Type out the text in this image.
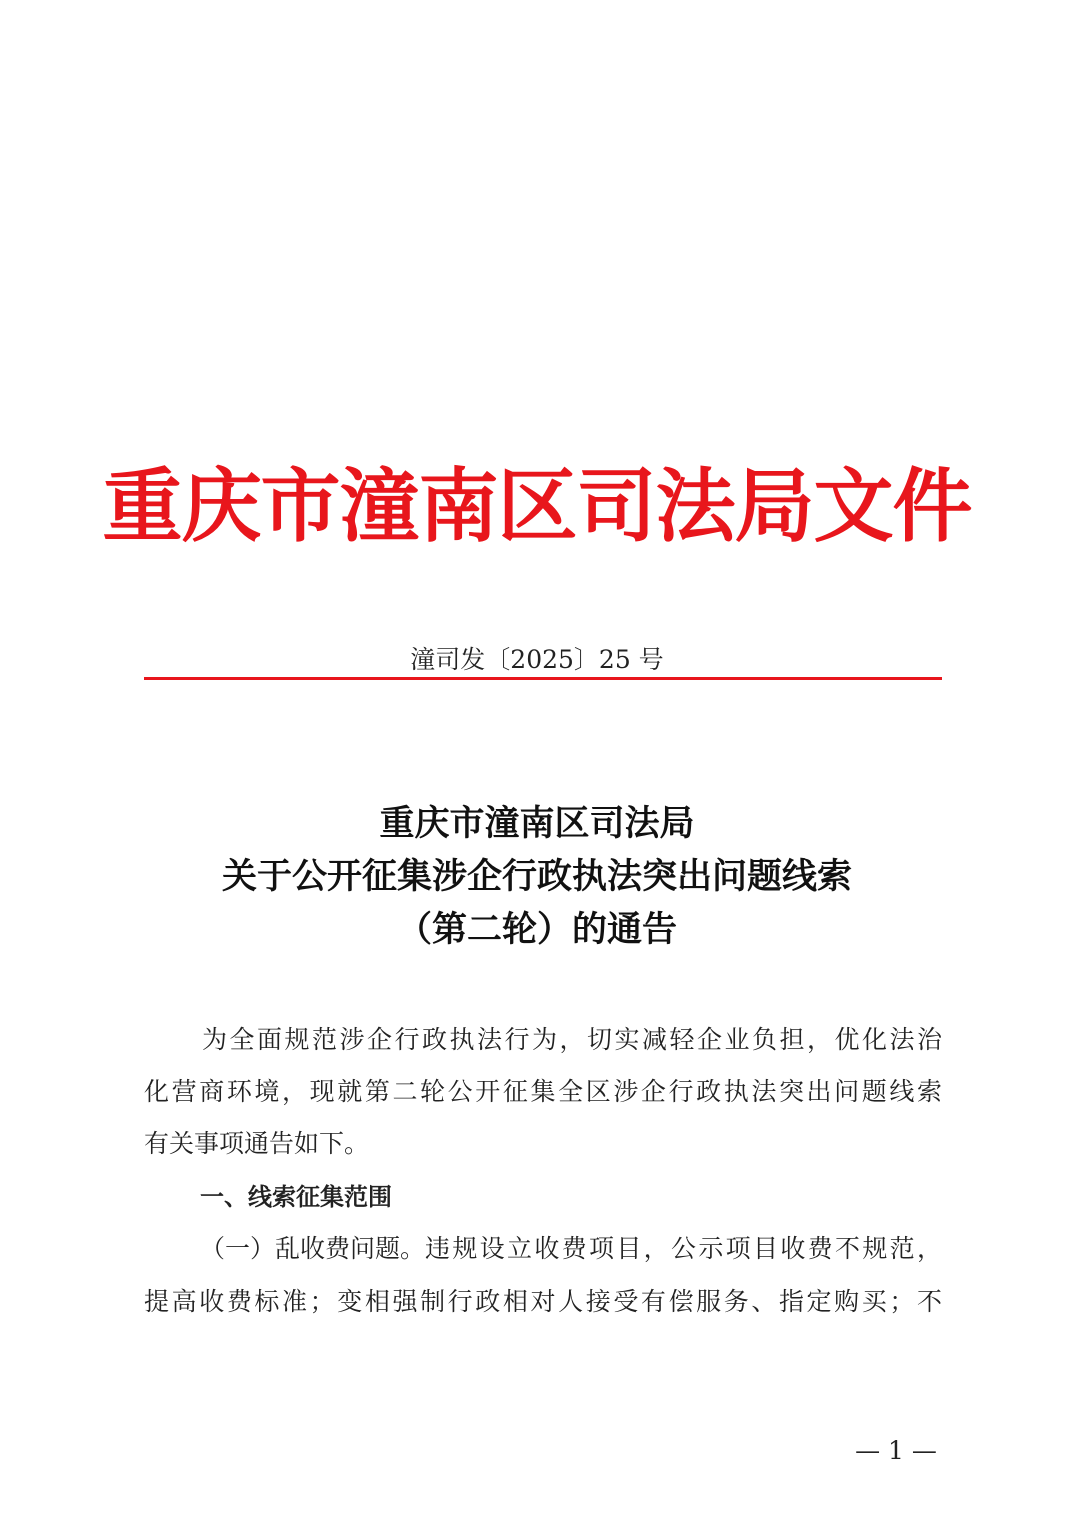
重庆市潼南区司法局文件
潼司发〔2025〕25 号
重庆市潼南区司法局
关于公开征集涉企行政执法突出问题线索
（第二轮）的通告
为全面规范涉企行政执法行为，切实减轻企业负担，优化法治
化营商环境，现就第二轮公开征集全区涉企行政执法突出问题线索
有关事项通告如下。
一、线索征集范围
（一）乱收费问题。 违规设立收费项目，公示项目收费不规范，
提高收费标准；变相强制行政相对人接受有偿服务、指定购买；不
— 1 —
